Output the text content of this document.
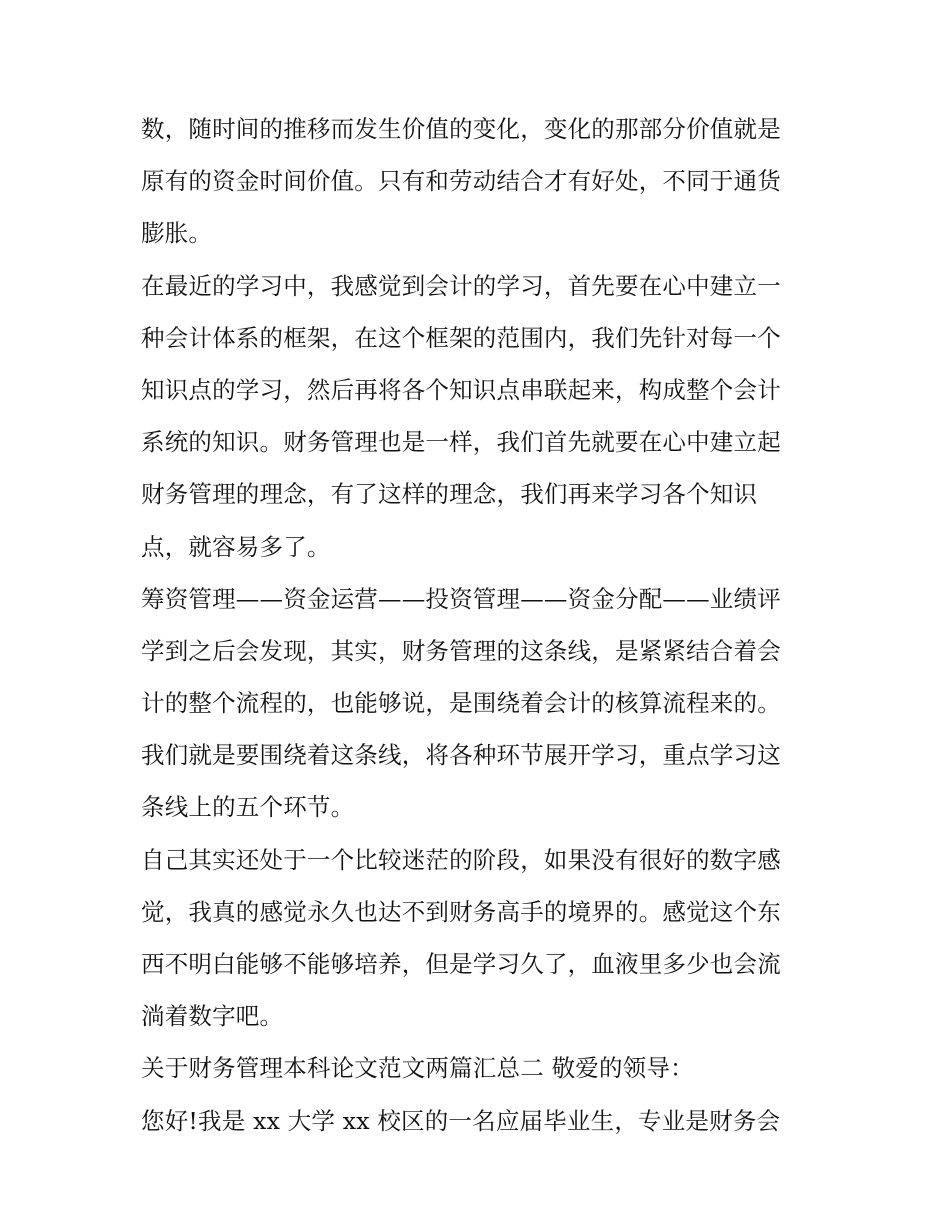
数，随时间的推移而发生价值的变化，变化的那部分价值就是
原有的资金时间价值。只有和劳动结合才有好处，不同于通货
膨胀。
在最近的学习中，我感觉到会计的学习，首先要在心中建立一
种会计体系的框架，在这个框架的范围内，我们先针对每一个
知识点的学习，然后再将各个知识点串联起来，构成整个会计
系统的知识。财务管理也是一样，我们首先就要在心中建立起
财务管理的理念，有了这样的理念，我们再来学习各个知识
点，就容易多了。
筹资管理——资金运营——投资管理——资金分配——业绩评
学到之后会发现，其实，财务管理的这条线，是紧紧结合着会
计的整个流程的，也能够说，是围绕着会计的核算流程来的。
我们就是要围绕着这条线，将各种环节展开学习，重点学习这
条线上的五个环节。
自己其实还处于一个比较迷茫的阶段，如果没有很好的数字感
觉，我真的感觉永久也达不到财务高手的境界的。感觉这个东
西不明白能够不能够培养，但是学习久了，血液里多少也会流
淌着数字吧。
关于财务管理本科论文范文两篇汇总二 敬爱的领导：
您好!我是 xx 大学 xx 校区的一名应届毕业生，专业是财务会
